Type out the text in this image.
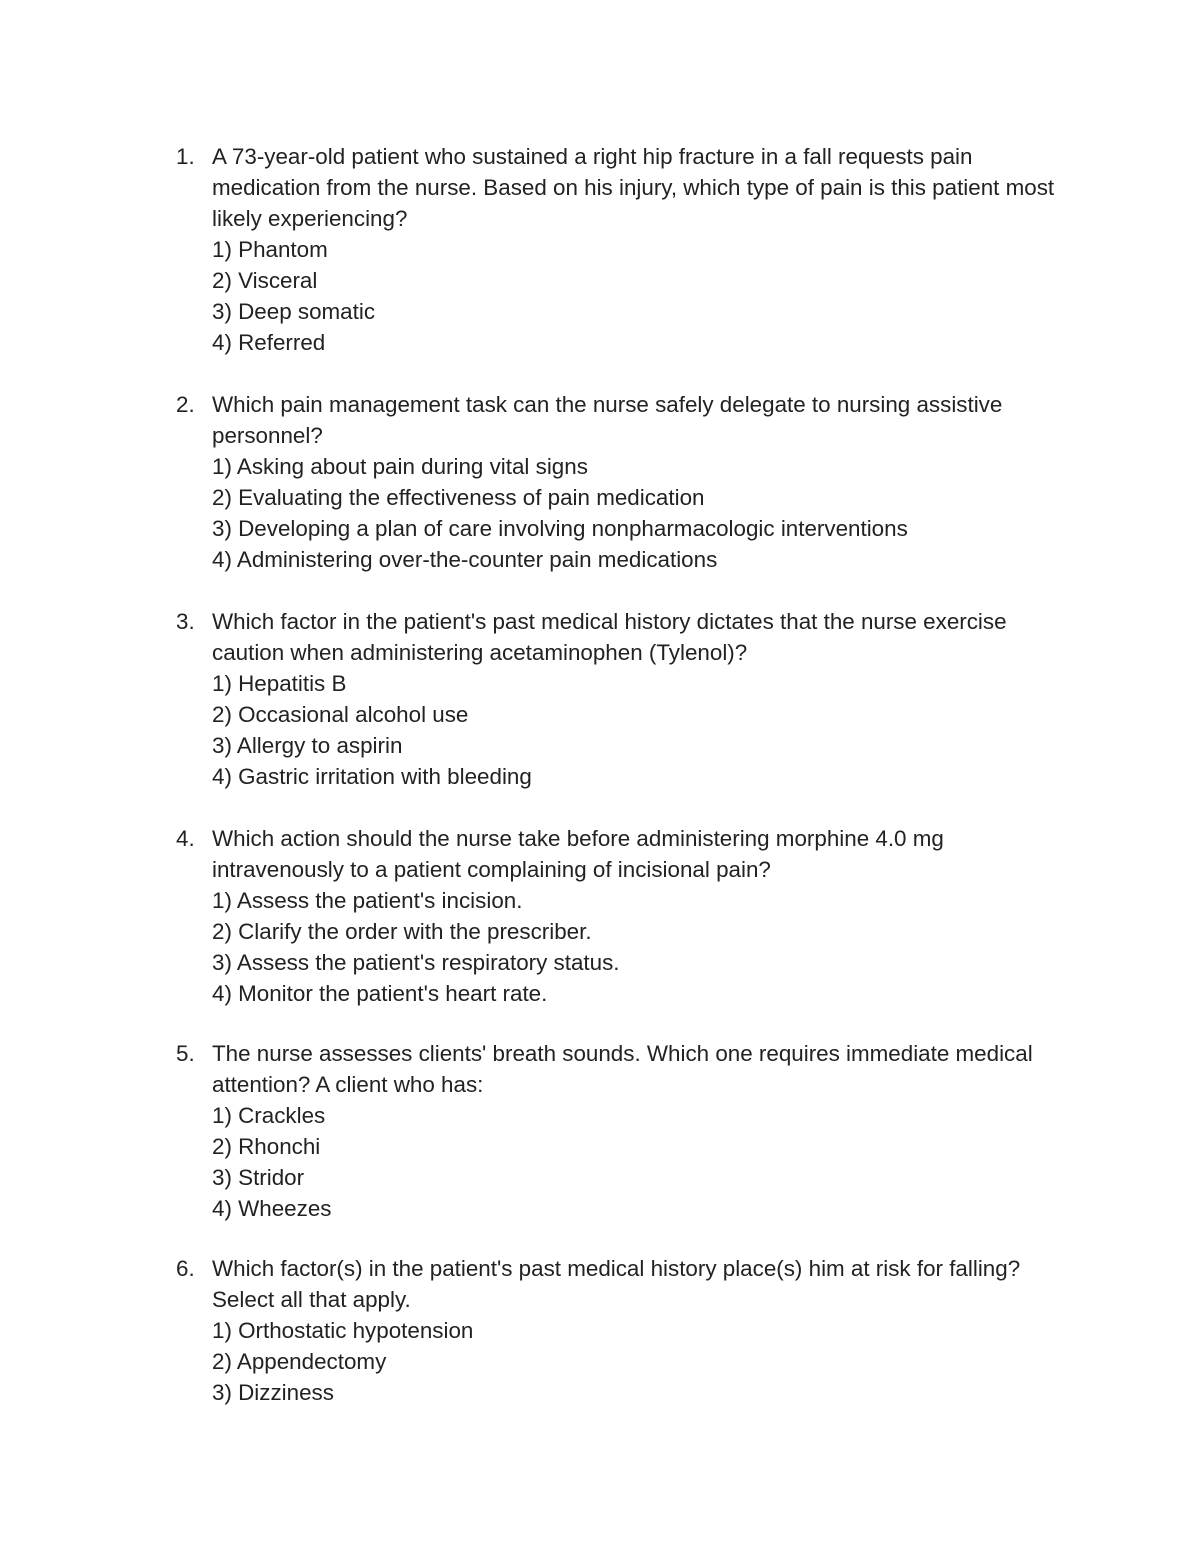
1. A 73-year-old patient who sustained a right hip fracture in a fall requests pain medication from the nurse. Based on his injury, which type of pain is this patient most likely experiencing?
1) Phantom
2) Visceral
3) Deep somatic
4) Referred
2. Which pain management task can the nurse safely delegate to nursing assistive personnel?
1) Asking about pain during vital signs
2) Evaluating the effectiveness of pain medication
3) Developing a plan of care involving nonpharmacologic interventions
4) Administering over-the-counter pain medications
3. Which factor in the patient's past medical history dictates that the nurse exercise caution when administering acetaminophen (Tylenol)?
1) Hepatitis B
2) Occasional alcohol use
3) Allergy to aspirin
4) Gastric irritation with bleeding
4. Which action should the nurse take before administering morphine 4.0 mg intravenously to a patient complaining of incisional pain?
1) Assess the patient's incision.
2) Clarify the order with the prescriber.
3) Assess the patient's respiratory status.
4) Monitor the patient's heart rate.
5. The nurse assesses clients' breath sounds. Which one requires immediate medical attention? A client who has:
1) Crackles
2) Rhonchi
3) Stridor
4) Wheezes
6. Which factor(s) in the patient's past medical history place(s) him at risk for falling? Select all that apply.
1) Orthostatic hypotension
2) Appendectomy
3) Dizziness
